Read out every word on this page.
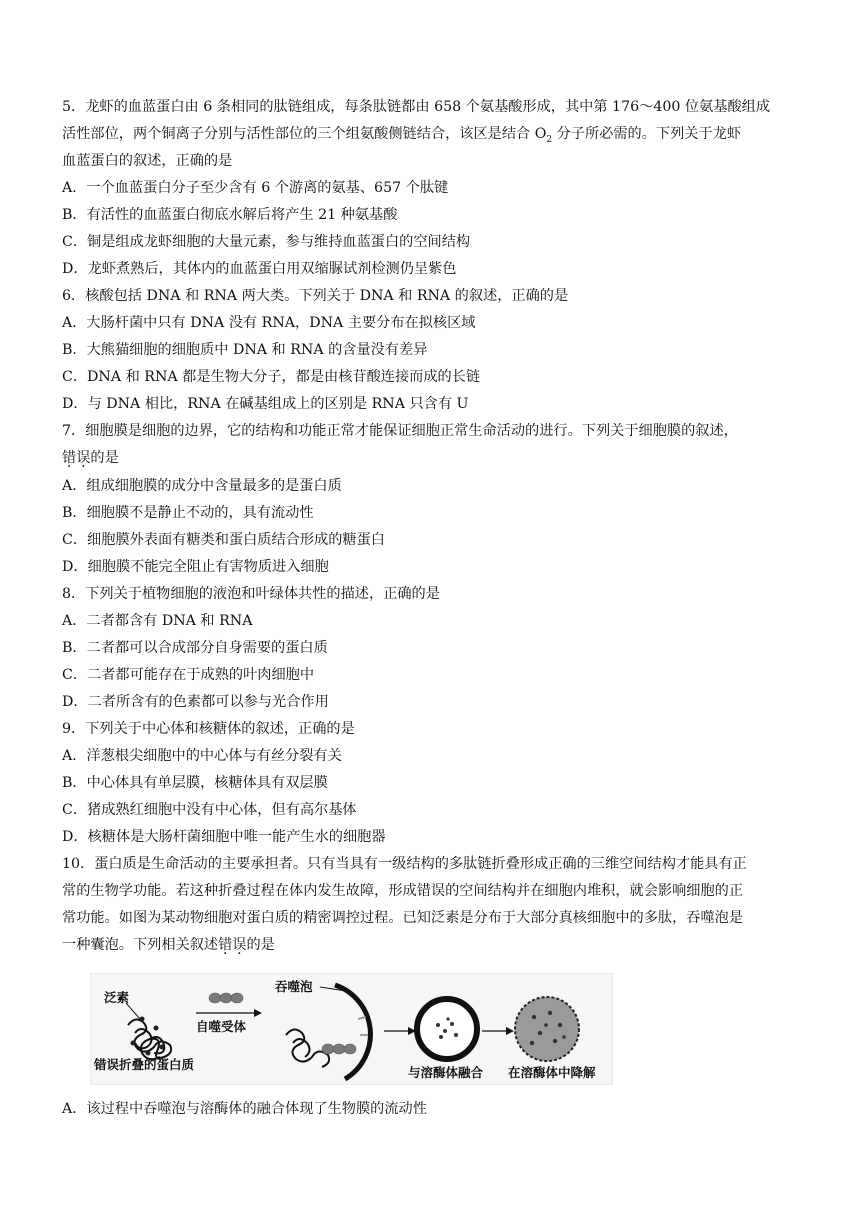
5．龙虾的血蓝蛋白由 6 条相同的肽链组成，每条肽链都由 658 个氨基酸形成，其中第 176～400 位氨基酸组成
活性部位，两个铜离子分别与活性部位的三个组氨酸侧链结合，该区是结合 $O_2$ 分子所必需的。下列关于龙虾
血蓝蛋白的叙述，正确的是
A．一个血蓝蛋白分子至少含有 6 个游离的氨基、657 个肽键
B．有活性的血蓝蛋白彻底水解后将产生 21 种氨基酸
C．铜是组成龙虾细胞的大量元素，参与维持血蓝蛋白的空间结构
D．龙虾煮熟后，其体内的血蓝蛋白用双缩脲试剂检测仍呈紫色
6．核酸包括 DNA 和 RNA 两大类。下列关于 DNA 和 RNA 的叙述，正确的是
A．大肠杆菌中只有 DNA 没有 RNA，DNA 主要分布在拟核区域
B．大熊猫细胞的细胞质中 DNA 和 RNA 的含量没有差异
C．DNA 和 RNA 都是生物大分子，都是由核苷酸连接而成的长链
D．与 DNA 相比，RNA 在碱基组成上的区别是 RNA 只含有 U
7．细胞膜是细胞的边界，它的结构和功能正常才能保证细胞正常生命活动的进行。下列关于细胞膜的叙述，
错误的是
A．组成细胞膜的成分中含量最多的是蛋白质
B．细胞膜不是静止不动的，具有流动性
C．细胞膜外表面有糖类和蛋白质结合形成的糖蛋白
D．细胞膜不能完全阻止有害物质进入细胞
8．下列关于植物细胞的液泡和叶绿体共性的描述，正确的是
A．二者都含有 DNA 和 RNA
B．二者都可以合成部分自身需要的蛋白质
C．二者都可能存在于成熟的叶肉细胞中
D．二者所含有的色素都可以参与光合作用
9．下列关于中心体和核糖体的叙述，正确的是
A．洋葱根尖细胞中的中心体与有丝分裂有关
B．中心体具有单层膜，核糖体具有双层膜
C．猪成熟红细胞中没有中心体，但有高尔基体
D．核糖体是大肠杆菌细胞中唯一能产生水的细胞器
10．蛋白质是生命活动的主要承担者。只有当具有一级结构的多肽链折叠形成正确的三维空间结构才能具有正
常的生物学功能。若这种折叠过程在体内发生故障，形成错误的空间结构并在细胞内堆积，就会影响细胞的正
常功能。如图为某动物细胞对蛋白质的精密调控过程。已知泛素是分布于大部分真核细胞中的多肽，吞噬泡是
一种囊泡。下列相关叙述错误的是
泛素
错误折叠的蛋白质
自噬受体
吞噬泡
与溶酶体融合 在溶酶体中降解
A．该过程中吞噬泡与溶酶体的融合体现了生物膜的流动性
